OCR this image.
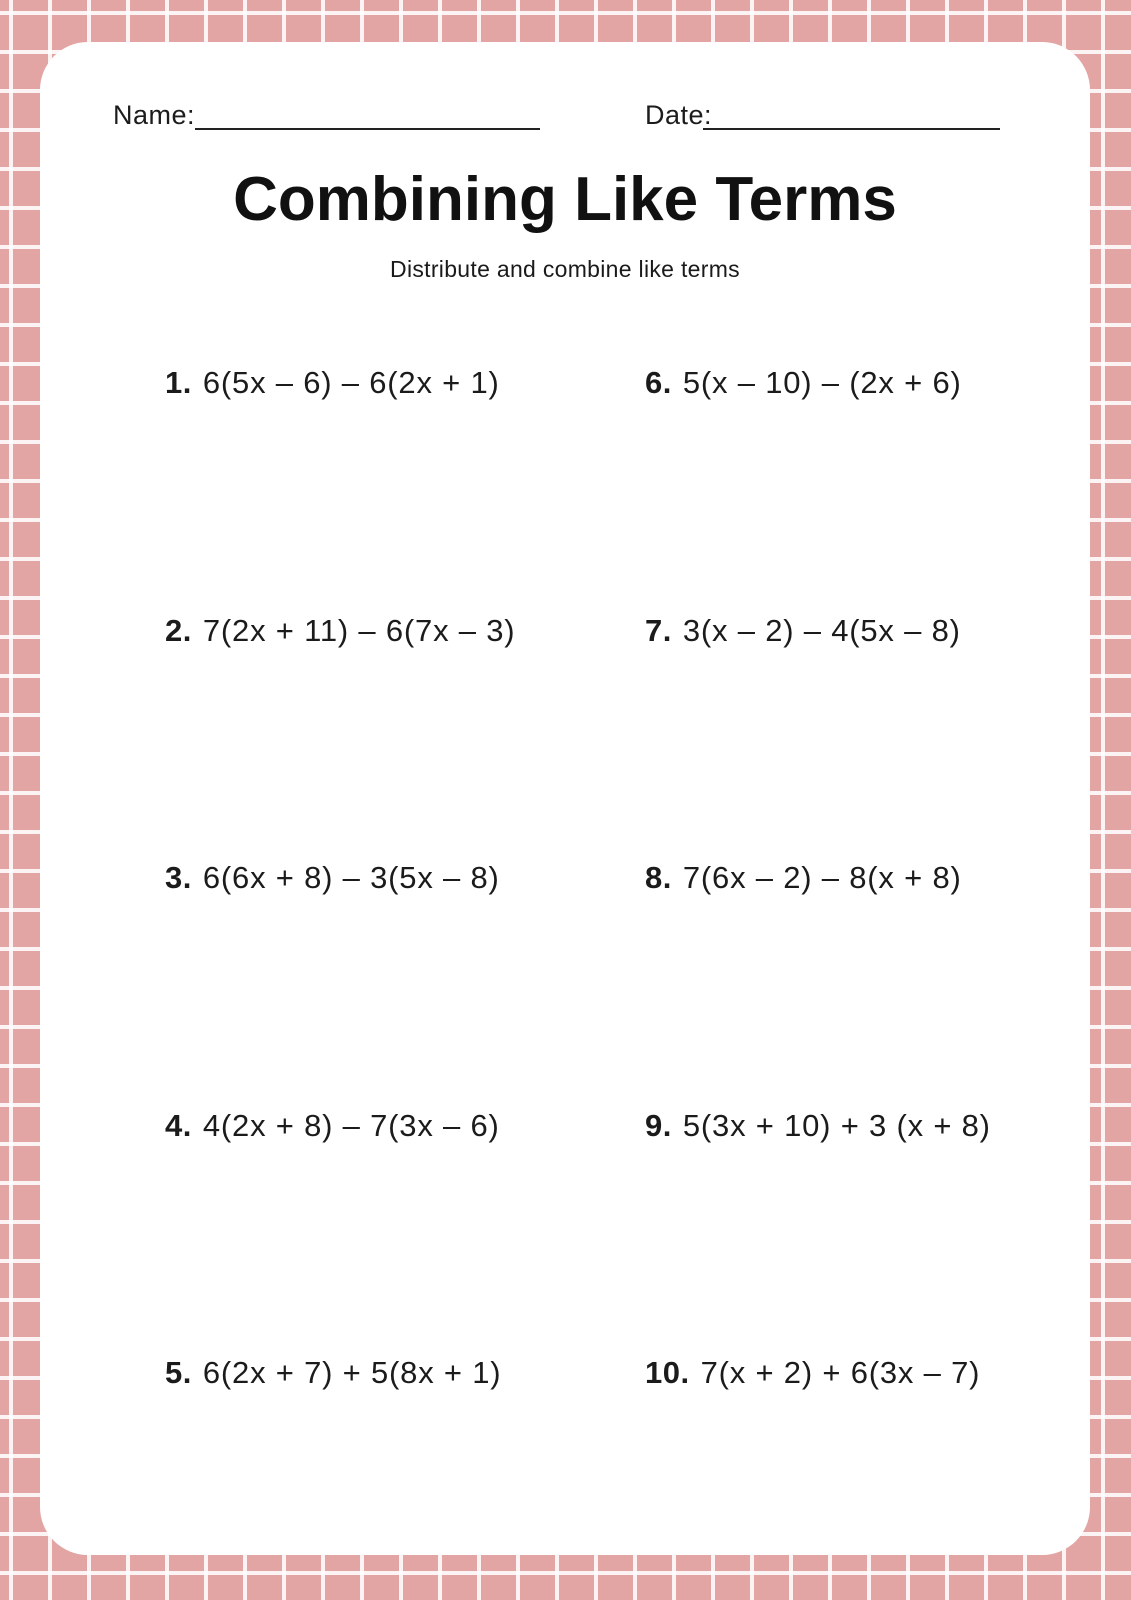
Name:	Date:
Combining Like Terms
Distribute and combine like terms
1. 6(5x – 6) – 6(2x + 1)
2. 7(2x + 11) – 6(7x – 3)
3. 6(6x + 8) – 3(5x – 8)
4. 4(2x + 8) – 7(3x – 6)
5. 6(2x + 7) + 5(8x + 1)
6. 5(x – 10) – (2x + 6)
7. 3(x – 2) – 4(5x – 8)
8. 7(6x – 2) – 8(x + 8)
9. 5(3x + 10) + 3 (x + 8)
10. 7(x + 2) + 6(3x – 7)
